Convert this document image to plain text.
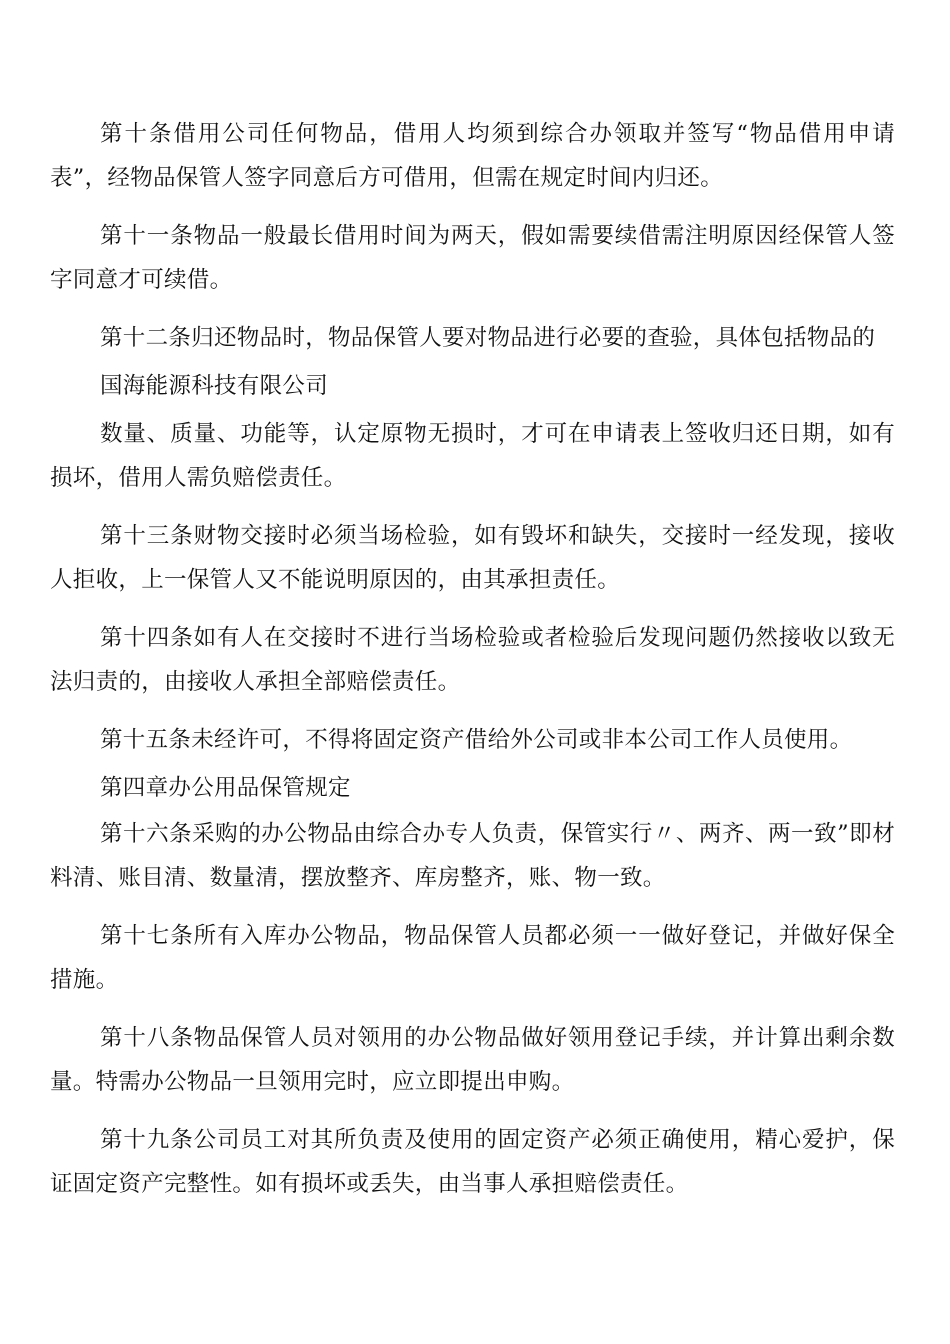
第十条借用公司任何物品，借用人均须到综合办领取并签写“物品借用申请表”，经物品保管人签字同意后方可借用，但需在规定时间内归还。

第十一条物品一般最长借用时间为两天，假如需要续借需注明原因经保管人签字同意才可续借。

第十二条归还物品时，物品保管人要对物品进行必要的查验，具体包括物品的

国海能源科技有限公司

数量、质量、功能等，认定原物无损时，才可在申请表上签收归还日期，如有损坏，借用人需负赔偿责任。

第十三条财物交接时必须当场检验，如有毁坏和缺失，交接时一经发现，接收人拒收，上一保管人又不能说明原因的，由其承担责任。

第十四条如有人在交接时不进行当场检验或者检验后发现问题仍然接收以致无法归责的，由接收人承担全部赔偿责任。

第十五条未经许可，不得将固定资产借给外公司或非本公司工作人员使用。

第四章办公用品保管规定

第十六条采购的办公物品由综合办专人负责，保管实行〃、两齐、两一致”即材料清、账目清、数量清，摆放整齐、库房整齐，账、物一致。

第十七条所有入库办公物品，物品保管人员都必须一一做好登记，并做好保全措施。

第十八条物品保管人员对领用的办公物品做好领用登记手续，并计算出剩余数量。特需办公物品一旦领用完时，应立即提出申购。

第十九条公司员工对其所负责及使用的固定资产必须正确使用，精心爱护，保证固定资产完整性。如有损坏或丢失，由当事人承担赔偿责任。
